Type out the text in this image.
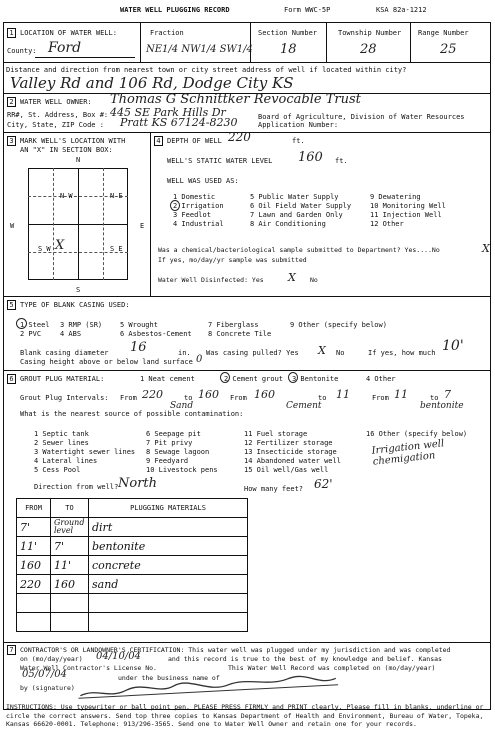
WATER WELL PLUGGING RECORD	Form WWC-5P	KSA 82a-1212
1 LOCATION OF WATER WELL:
County: Ford
Fraction
NE1/4 NW1/4 SW1/4
Section Number
18
Township Number
28
Range Number
25
Distance and direction from nearest town or city street address of well if located within city?
Valley Rd and 106 Rd, Dodge City KS
2 WATER WELL OWNER: Thomas G Schnittker Revocable Trust
RR#, St. Address, Box #: 445 SE Park Hills Dr	Board of Agriculture, Division of Water Resources
City, State, ZIP Code : Pratt KS 67124-8230	Application Number:
3 MARK WELL'S LOCATION WITH
AN "X" IN SECTION BOX:
N
S
W	E
N W	N E
S W	S E
X
4 DEPTH OF WELL 220	ft.
WELL'S STATIC WATER LEVEL 160 ft.
WELL WAS USED AS:
1 Domestic
2 Irrigation
3 Feedlot
4 Industrial
5 Public Water Supply
6 Oil Field Water Supply
7 Lawn and Garden Only
8 Air Conditioning
9 Dewatering
10 Monitoring Well
11 Injection Well
12 Other
Was a chemical/bacteriological sample submitted to Department? Yes....No	X
If yes, mo/day/yr sample was submitted
Water Well Disinfected: Yes X No
5 TYPE OF BLANK CASING USED:
1 Steel
2 PVC
3 RMP (SR)
4 ABS
5 Wrought
6 Asbestos-Cement
7 Fiberglass
8 Concrete Tile
9 Other (specify below)
Blank casing diameter 16	in. Was casing pulled? Yes X No	If yes, how much 10'
Casing height above or below land surface 0
6 GROUT PLUG MATERIAL:	1 Neat cement	2 Cement grout 3 Bentonite	4 Other
Grout Plug Intervals: From 220	to 160 From 160	to 11	From 11	to 7
Sand	Cement	bentonite
What is the nearest source of possible contamination:
1 Septic tank
2 Sewer lines
3 Watertight sewer lines
4 Lateral lines
5 Cess Pool
6 Seepage pit
7 Pit privy
8 Sewage lagoon
9 Feedyard
10 Livestock pens
11 Fuel storage
12 Fertilizer storage
13 Insecticide storage
14 Abandoned water well
15 Oil well/Gas well
16 Other (specify below)
Irrigation well chemigation
Direction from well? North	How many feet? 62'
FROM	TO	PLUGGING MATERIALS
7'	Ground level	dirt
11'	7'	bentonite
160	11'	concrete
220	160	sand

7 CONTRACTOR'S OR LANDOWNER'S CERTIFICATION: This water well was plugged under my jurisdiction and was completed
on (mo/day/year) 04/10/04	and this record is true to the best of my knowledge and belief. Kansas
Water Well Contractor's License No.	This Water Well Record was completed on (mo/day/year)
05/07/04	under the business name of
by (signature)
INSTRUCTIONS: Use typewriter or ball point pen. PLEASE PRESS FIRMLY and PRINT clearly. Please fill in blanks, underline or circle the correct answers. Send top three copies to Kansas Department of Health and Environment, Bureau of Water, Topeka, Kansas 66620-0001. Telephone: 913/296-3565. Send one to Water Well Owner and retain one for your records.
